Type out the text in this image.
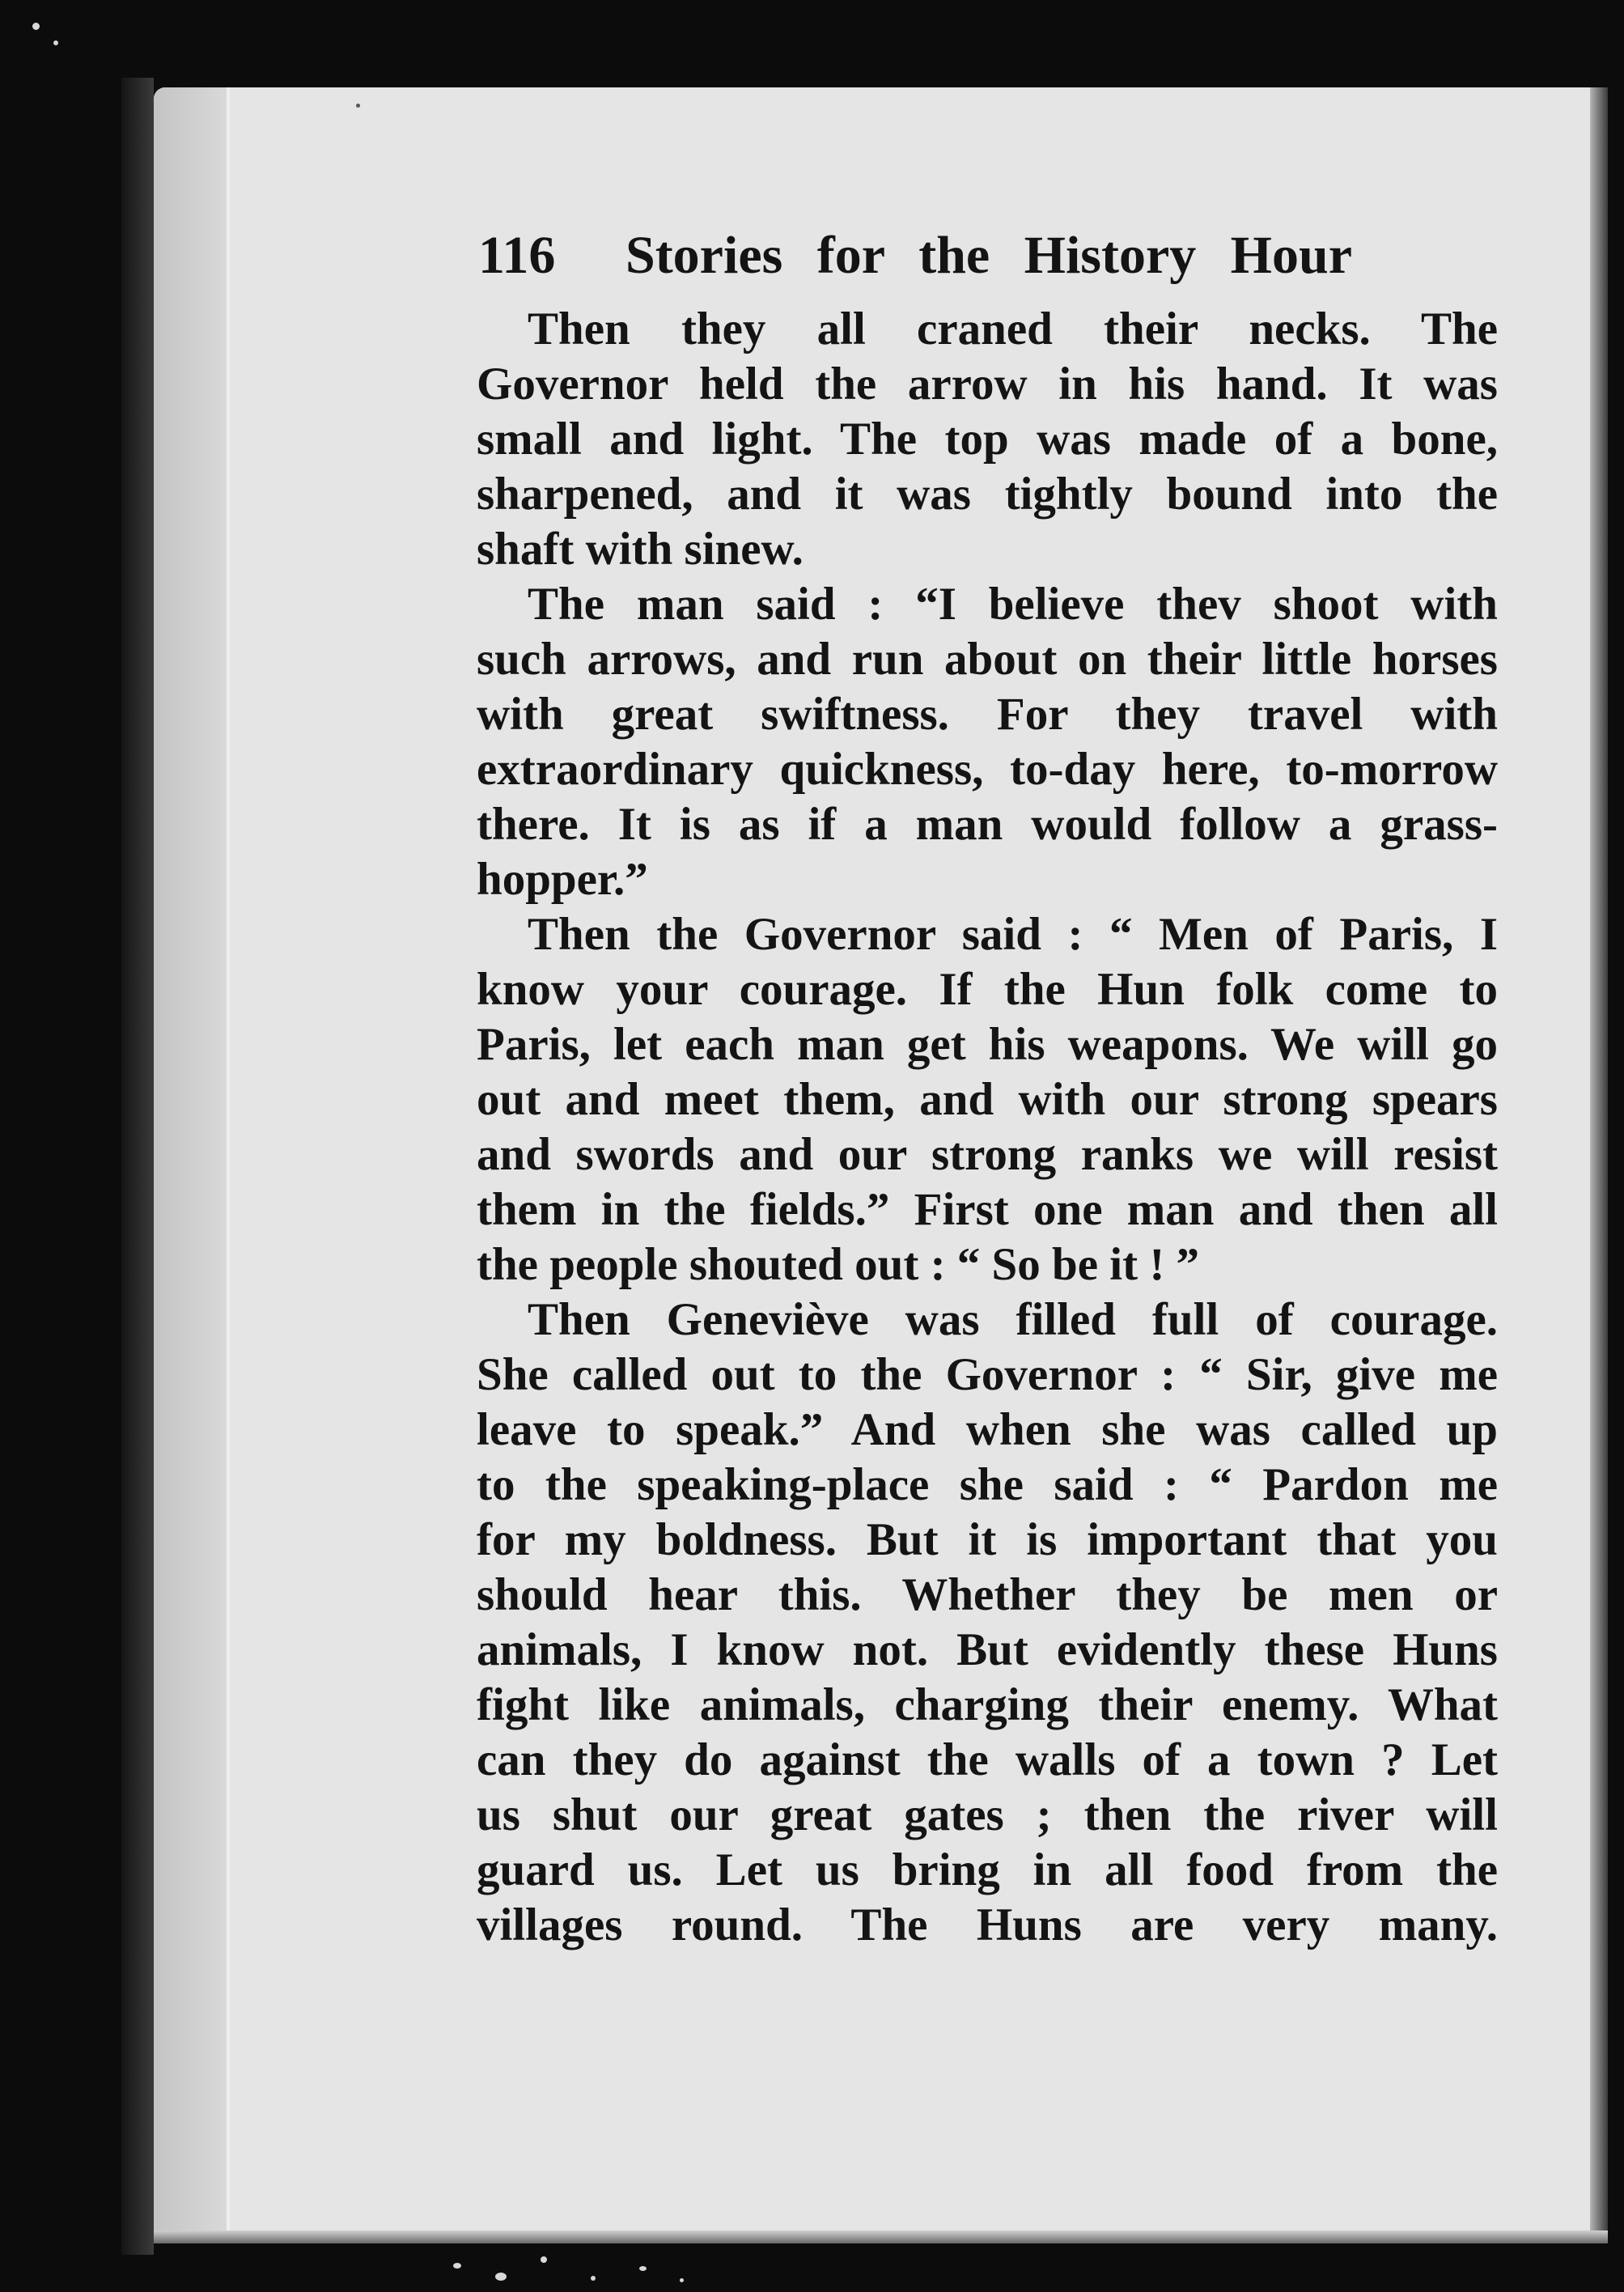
116 Stories for the History Hour
Then they all craned their necks. The
Governor held the arrow in his hand. It was
small and light. The top was made of a bone,
sharpened, and it was tightly bound into the
shaft with sinew.
The man said : “I believe thev shoot with
such arrows, and run about on their little horses
with great swiftness. For they travel with
extraordinary quickness, to-day here, to-morrow
there. It is as if a man would follow a grass-
hopper.”
Then the Governor said : “ Men of Paris, I
know your courage. If the Hun folk come to
Paris, let each man get his weapons. We will go
out and meet them, and with our strong spears
and swords and our strong ranks we will resist
them in the fields.” First one man and then all
the people shouted out : “ So be it ! ”
Then Geneviève was filled full of courage.
She called out to the Governor : “ Sir, give me
leave to speak.” And when she was called up
to the speaking-place she said : “ Pardon me
for my boldness. But it is important that you
should hear this. Whether they be men or
animals, I know not. But evidently these Huns
fight like animals, charging their enemy. What
can they do against the walls of a town ? Let
us shut our great gates ; then the river will
guard us. Let us bring in all food from the
villages round. The Huns are very many.
